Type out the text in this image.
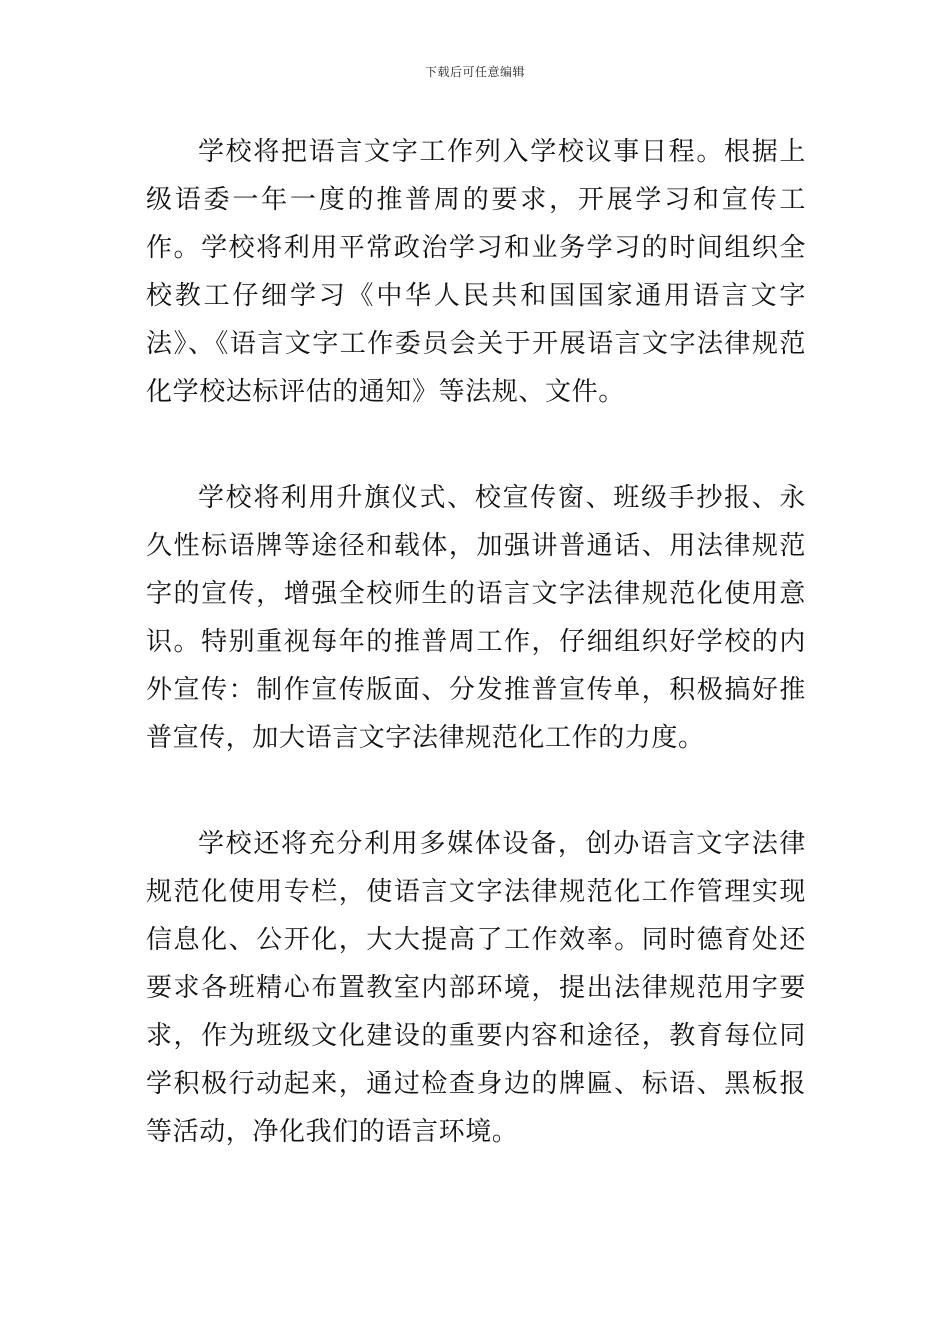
下载后可任意编辑

学校将把语言文字工作列入学校议事日程。根据上级语委一年一度的推普周的要求，开展学习和宣传工作。学校将利用平常政治学习和业务学习的时间组织全校教工仔细学习《中华人民共和国国家通用语言文字法》、《语言文字工作委员会关于开展语言文字法律规范化学校达标评估的通知》等法规、文件。

学校将利用升旗仪式、校宣传窗、班级手抄报、永久性标语牌等途径和载体，加强讲普通话、用法律规范字的宣传，增强全校师生的语言文字法律规范化使用意识。特别重视每年的推普周工作，仔细组织好学校的内外宣传：制作宣传版面、分发推普宣传单，积极搞好推普宣传，加大语言文字法律规范化工作的力度。

学校还将充分利用多媒体设备，创办语言文字法律规范化使用专栏，使语言文字法律规范化工作管理实现信息化、公开化，大大提高了工作效率。同时德育处还要求各班精心布置教室内部环境，提出法律规范用字要求，作为班级文化建设的重要内容和途径，教育每位同学积极行动起来，通过检查身边的牌匾、标语、黑板报等活动，净化我们的语言环境。
